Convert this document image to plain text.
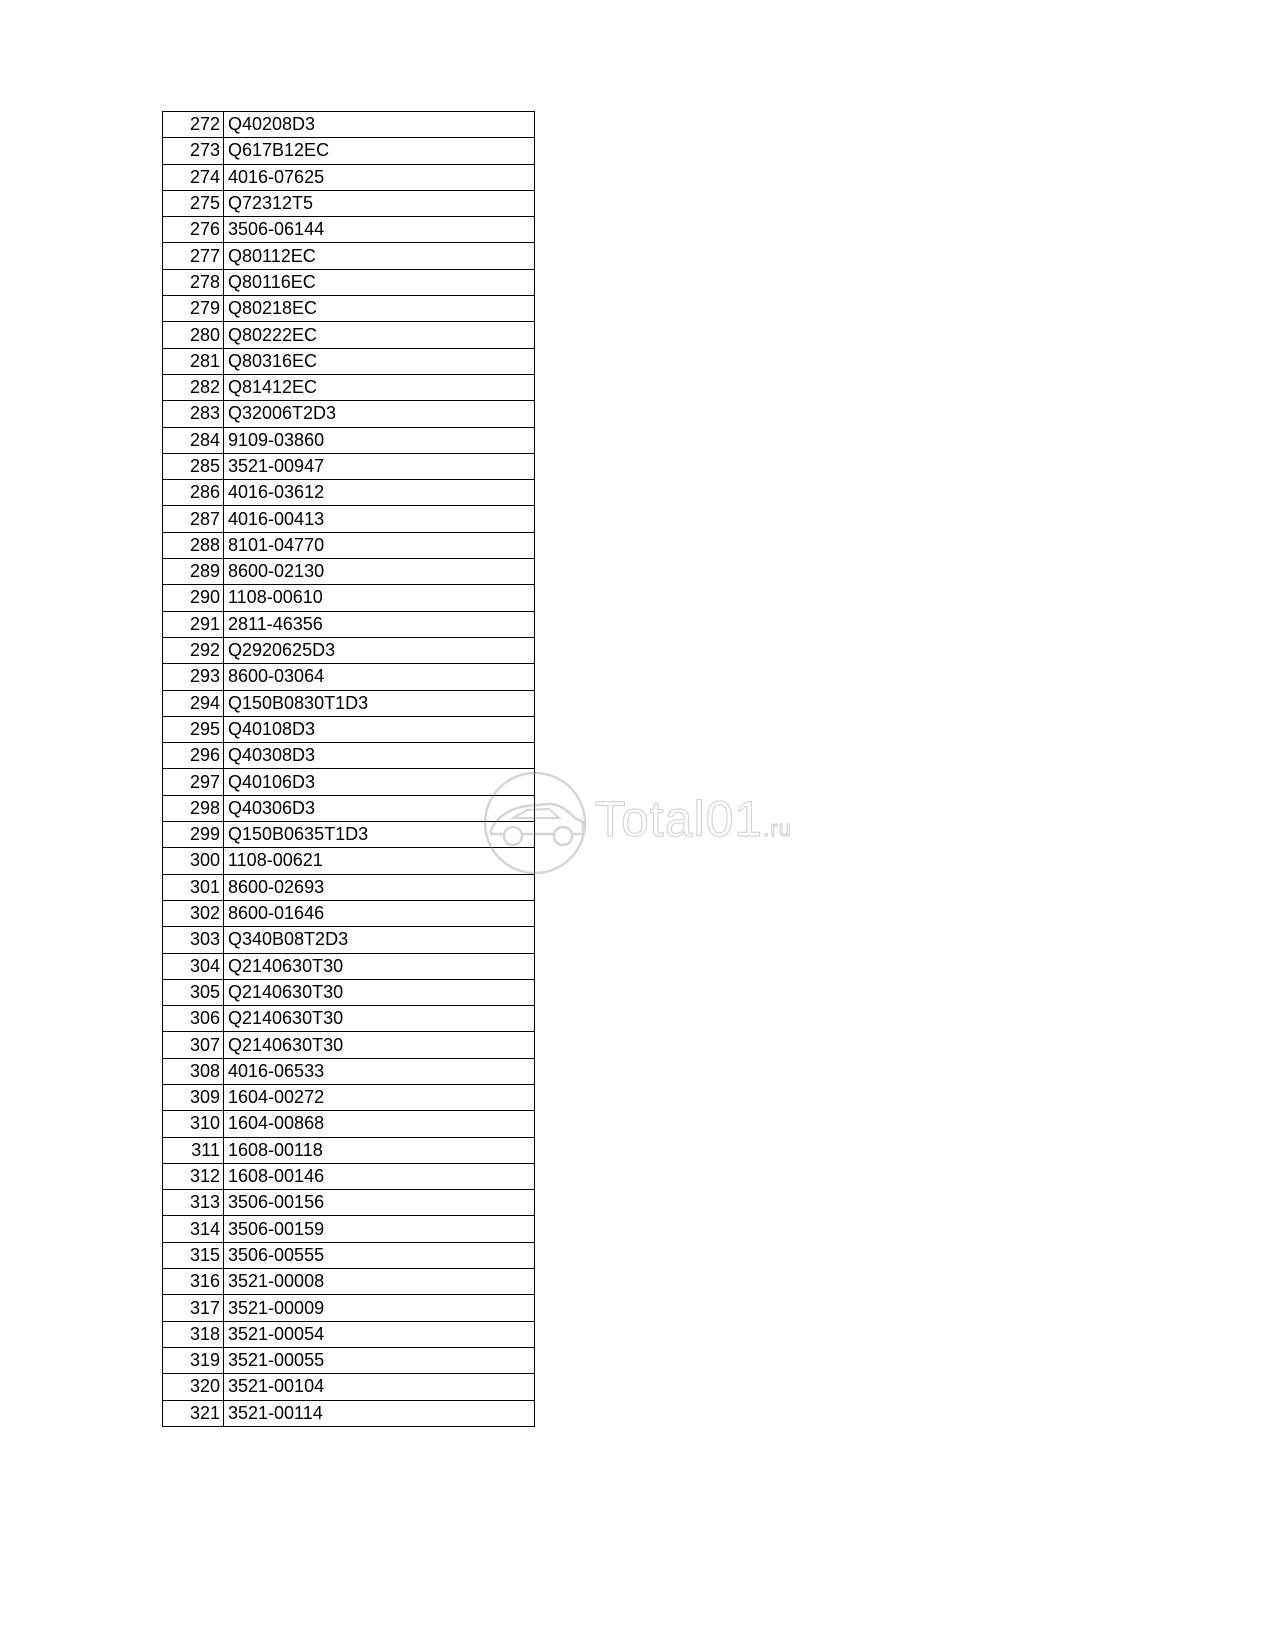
272	Q40208D3
273	Q617B12EC
274	4016-07625
275	Q72312T5
276	3506-06144
277	Q80112EC
278	Q80116EC
279	Q80218EC
280	Q80222EC
281	Q80316EC
282	Q81412EC
283	Q32006T2D3
284	9109-03860
285	3521-00947
286	4016-03612
287	4016-00413
288	8101-04770
289	8600-02130
290	1108-00610
291	2811-46356
292	Q2920625D3
293	8600-03064
294	Q150B0830T1D3
295	Q40108D3
296	Q40308D3
297	Q40106D3
298	Q40306D3
299	Q150B0635T1D3
300	1108-00621
301	8600-02693
302	8600-01646
303	Q340B08T2D3
304	Q2140630T30
305	Q2140630T30
306	Q2140630T30
307	Q2140630T30
308	4016-06533
309	1604-00272
310	1604-00868
311	1608-00118
312	1608-00146
313	3506-00156
314	3506-00159
315	3506-00555
316	3521-00008
317	3521-00009
318	3521-00054
319	3521-00055
320	3521-00104
321	3521-00114
Total01.ru
